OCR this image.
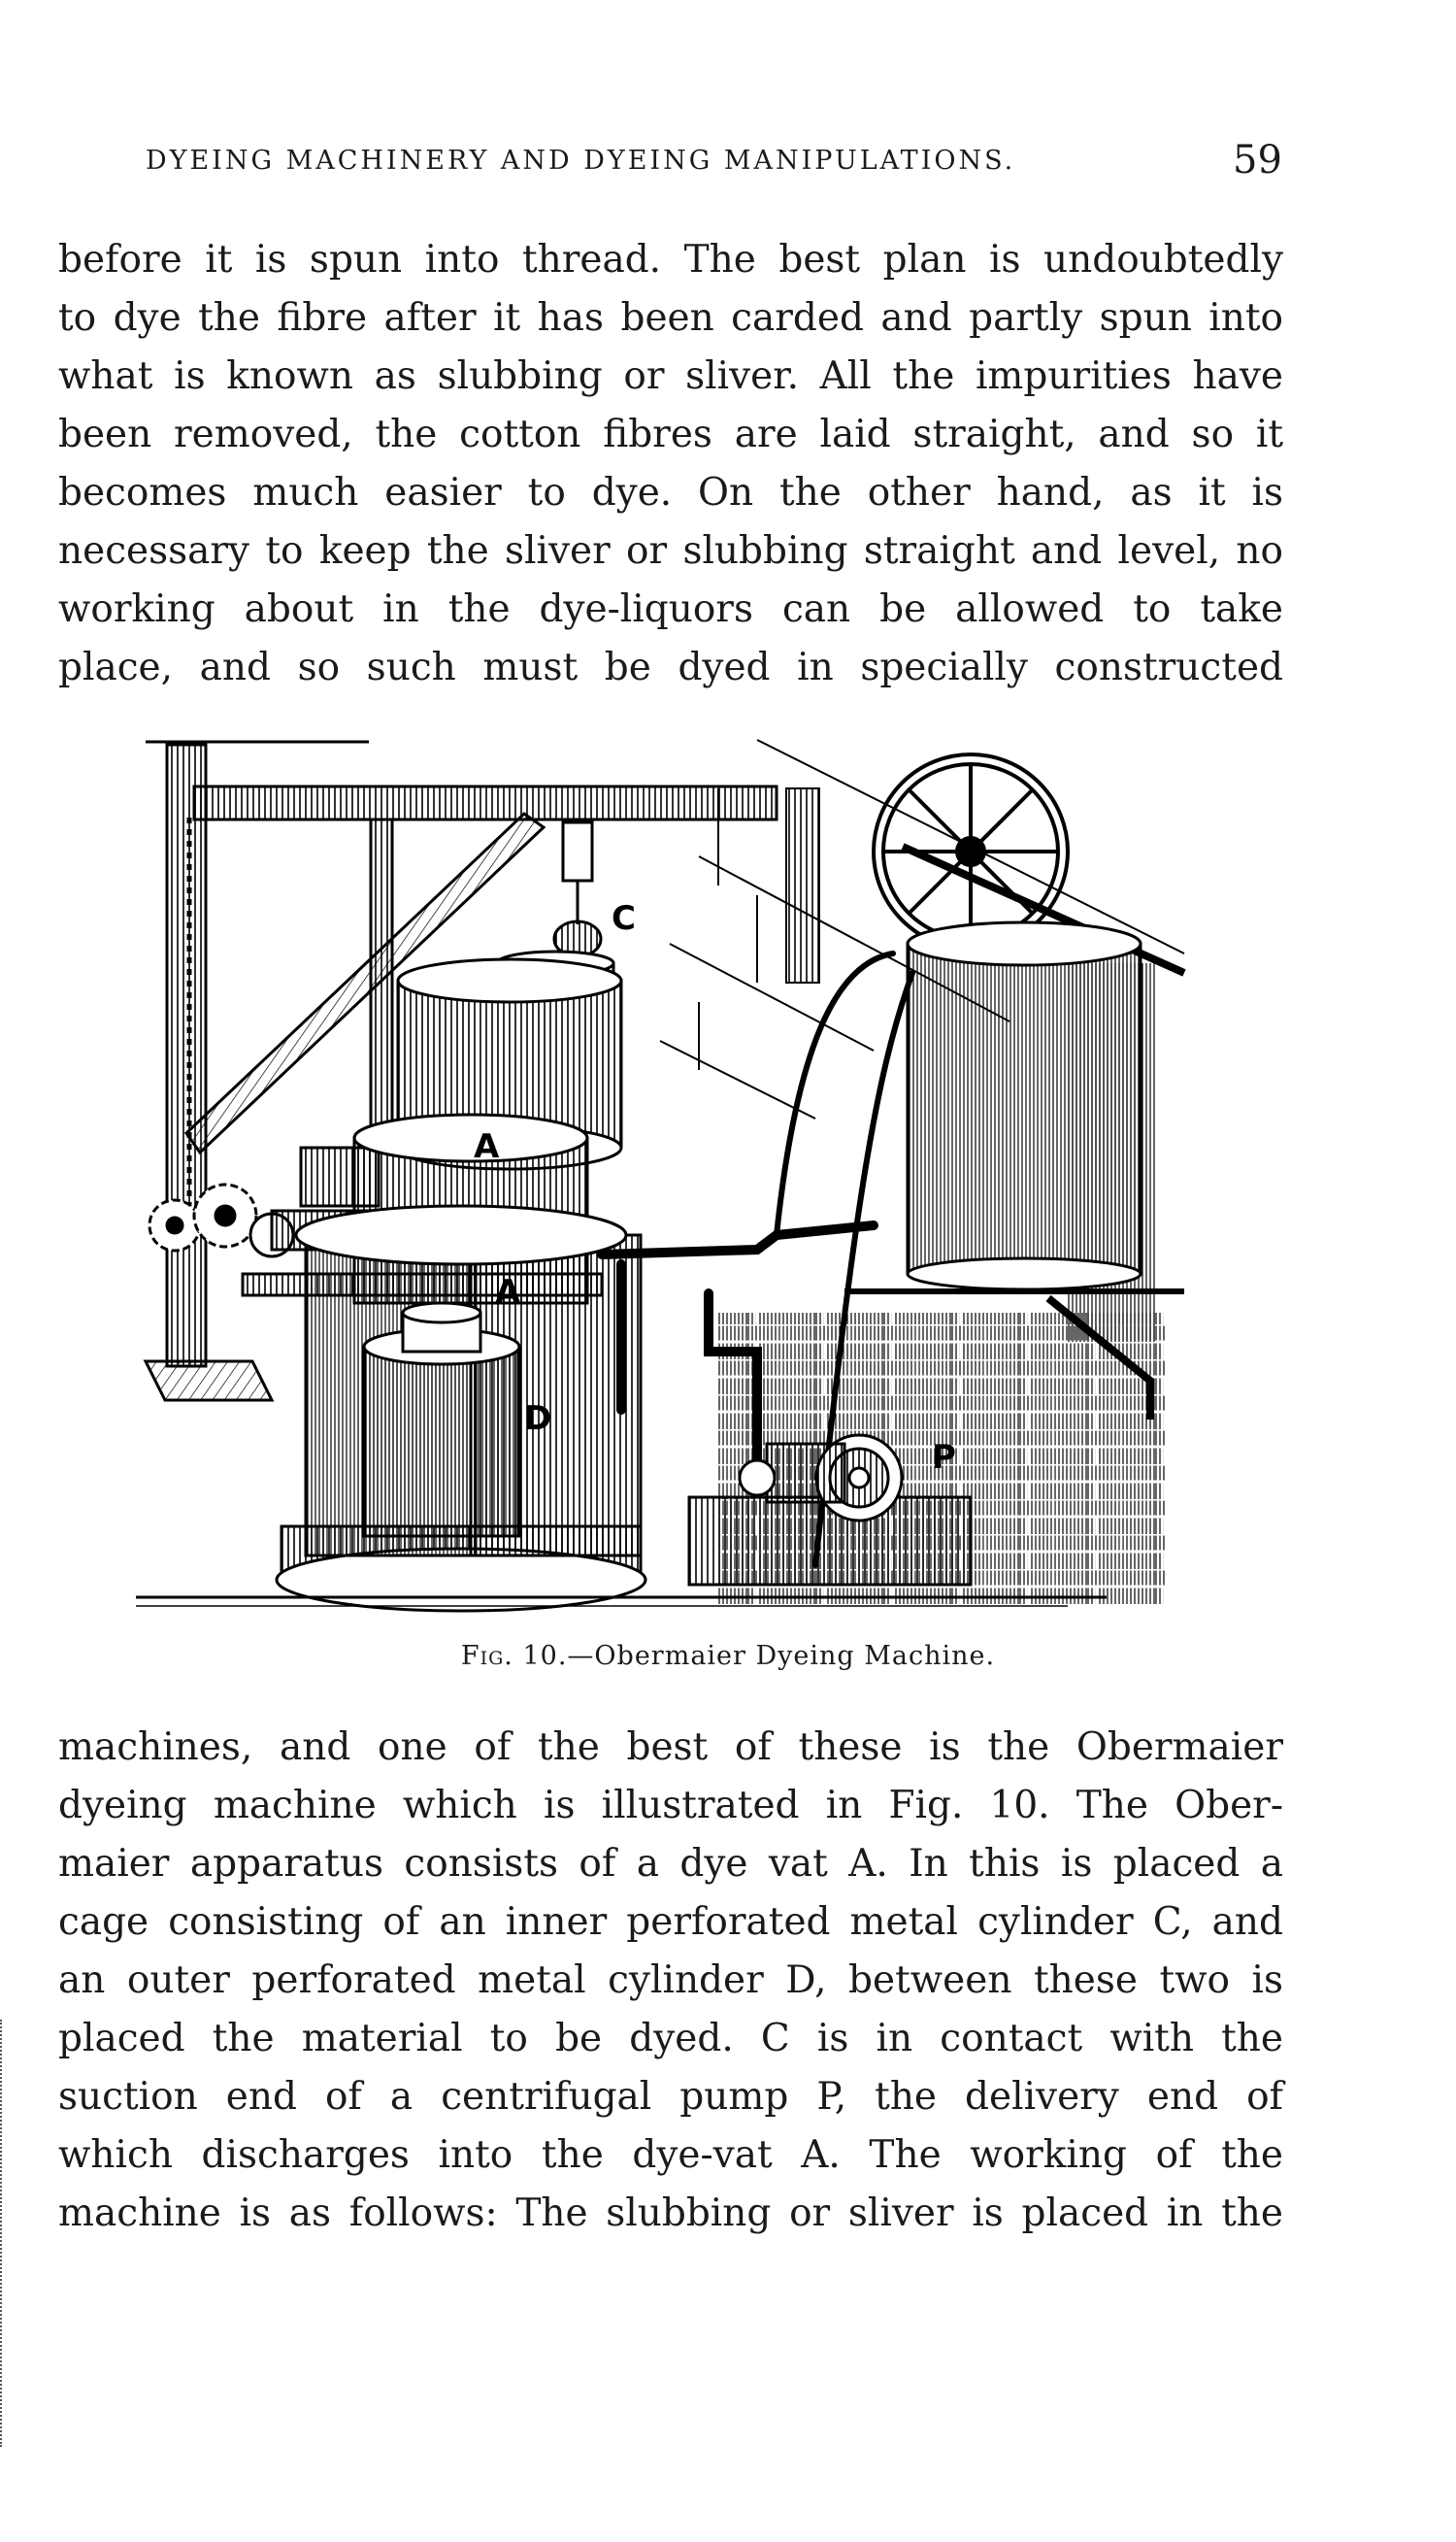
DYEING MACHINERY AND DYEING MANIPULATIONS.	59

before it is spun into thread. The best plan is undoubtedly
to dye the fibre after it has been carded and partly spun into
what is known as slubbing or sliver. All the impurities have
been removed, the cotton fibres are laid straight, and so it
becomes much easier to dye. On the other hand, as it is
necessary to keep the sliver or slubbing straight and level, no
working about in the dye-liquors can be allowed to take
place, and so such must be dyed in specially constructed

C
A
A
D
P
Fig. 10.—Obermaier Dyeing Machine.

machines, and one of the best of these is the Obermaier
dyeing machine which is illustrated in Fig. 10. The Ober-
maier apparatus consists of a dye vat A. In this is placed a
cage consisting of an inner perforated metal cylinder C, and
an outer perforated metal cylinder D, between these two is
placed the material to be dyed. C is in contact with the
suction end of a centrifugal pump P, the delivery end of
which discharges into the dye-vat A. The working of the
machine is as follows: The slubbing or sliver is placed in the
